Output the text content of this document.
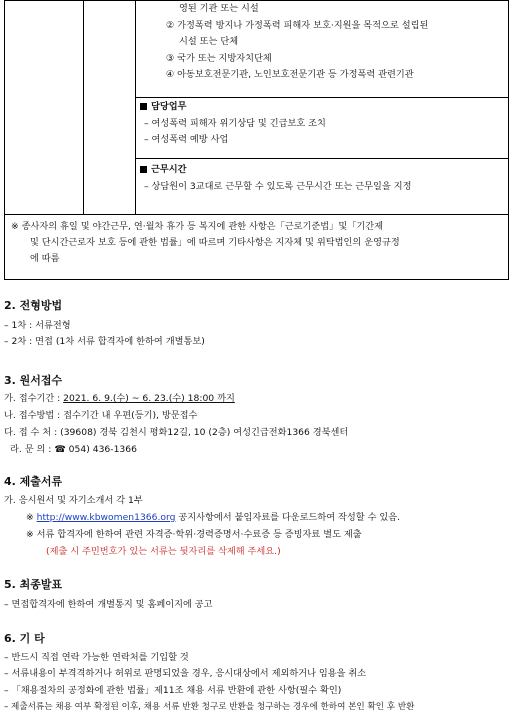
영된 기관 또는 시설
② 가정폭력 방지나 가정폭력 피해자 보호·지원을 목적으로 설립된
시설 또는 단체
③ 국가 또는 지방자치단체
④ 아동보호전문기관, 노인보호전문기관 등 가정폭력 관련기관

담당업무
– 여성폭력 피해자 위기상담 및 긴급보호 조치
– 여성폭력 예방 사업

근무시간
– 상담원이 3교대로 근무할 수 있도록 근무시간 또는 근무일을 지정

※ 종사자의 휴일 및 야간근무, 연·월차 휴가 등 복지에 관한 사항은「근로기준법」및「기간제
및 단시간근로자 보호 등에 관한 법률」에 따르며 기타사항은 지자체 및 위탁법인의 운영규정
에 따름
2. 전형방법
– 1차 : 서류전형
– 2차 : 면접 (1차 서류 합격자에 한하여 개별통보)
3. 원서접수
가. 접수기간 : 2021. 6. 9.(수) ~ 6. 23.(수) 18:00 까지
나. 접수방법 : 접수기간 내 우편(등기), 방문접수
다. 접 수 처 : (39608) 경북 김천시 평화12길, 10 (2층) 여성긴급전화1366 경북센터
라. 문 의 : ☎ 054) 436-1366
4. 제출서류
가. 응시원서 및 자기소개서 각 1부
※ http://www.kbwomen1366.org 공지사항에서 붙임자료를 다운로드하여 작성할 수 있음.
※ 서류 합격자에 한하여 관련 자격증·학위·경력증명서·수료증 등 증빙자료 별도 제출
(제출 시 주민번호가 있는 서류는 뒷자리를 삭제해 주세요.)
5. 최종발표
– 면접합격자에 한하여 개별통지 및 홈페이지에 공고
6. 기 타
– 반드시 직접 연락 가능한 연락처를 기입할 것
– 서류내용이 부격격하거나 허위로 판명되었을 경우, 응시대상에서 제외하거나 임용을 취소
– 「채용절차의 공정화에 관한 법률」제11조 채용 서류 반환에 관한 사항(필수 확인)
– 제출서류는 채용 여부 확정된 이후, 채용 서류 반환 청구로 반환을 청구하는 경우에 한하여 본인 확인 후 반환
